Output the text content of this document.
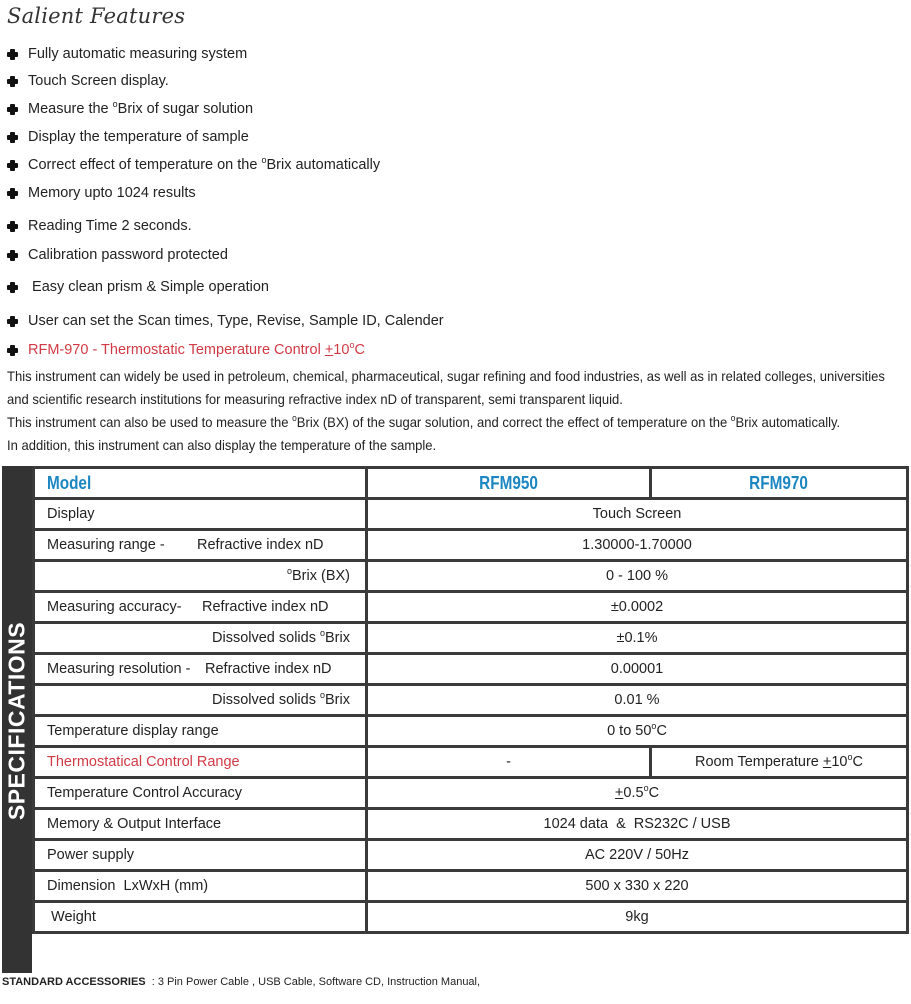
Salient Features
Fully automatic measuring system
Touch Screen display.
Measure the $^o$Brix of sugar solution
Display the temperature of sample
Correct effect of temperature on the $^o$Brix automatically
Memory upto 1024 results
Reading Time 2 seconds.
Calibration password protected
Easy clean prism & Simple operation
User can set the Scan times, Type, Revise, Sample ID, Calender
RFM-970 - Thermostatic Temperature Control $+10^oC$
This instrument can widely be used in petroleum, chemical, pharmaceutical, sugar refining and food industries, as well as in related colleges, universities
and scientific research institutions for measuring refractive index nD of transparent, semi transparent liquid.
This instrument can also be used to measure the $^o$Brix (BX) of the sugar solution, and correct the effect of temperature on the $^o$Brix automatically.
In addition, this instrument can also display the temperature of the sample.
SPECIFICATIONS
Model	RFM950	RFM970
Display	Touch Screen	
Measuring range - Refractive index nD	1.30000-1.70000	

$^o$Brix (BX)	0 - 100 %	
Measuring accuracy- Refractive index nD	±0.0002	

Dissolved solids $^o$Brix	±0.1%	
Measuring resolution - Refractive index nD	0.00001	

Dissolved solids $^o$Brix	0.01 %	
Temperature display range	0 to 50$^o$C	
Thermostatical Control Range	-	Room Temperature $+10^oC$
Temperature Control Accuracy	$+0.5^oC$	
Memory & Output Interface	1024 data  &  RS232C / USB	
Power supply	AC 220V / 50Hz	
Dimension  LxWxH (mm)	500 x 330 x 220	
Weight	9kg	
STANDARD ACCESSORIES  : 3 Pin Power Cable , USB Cable, Software CD, Instruction Manual,
